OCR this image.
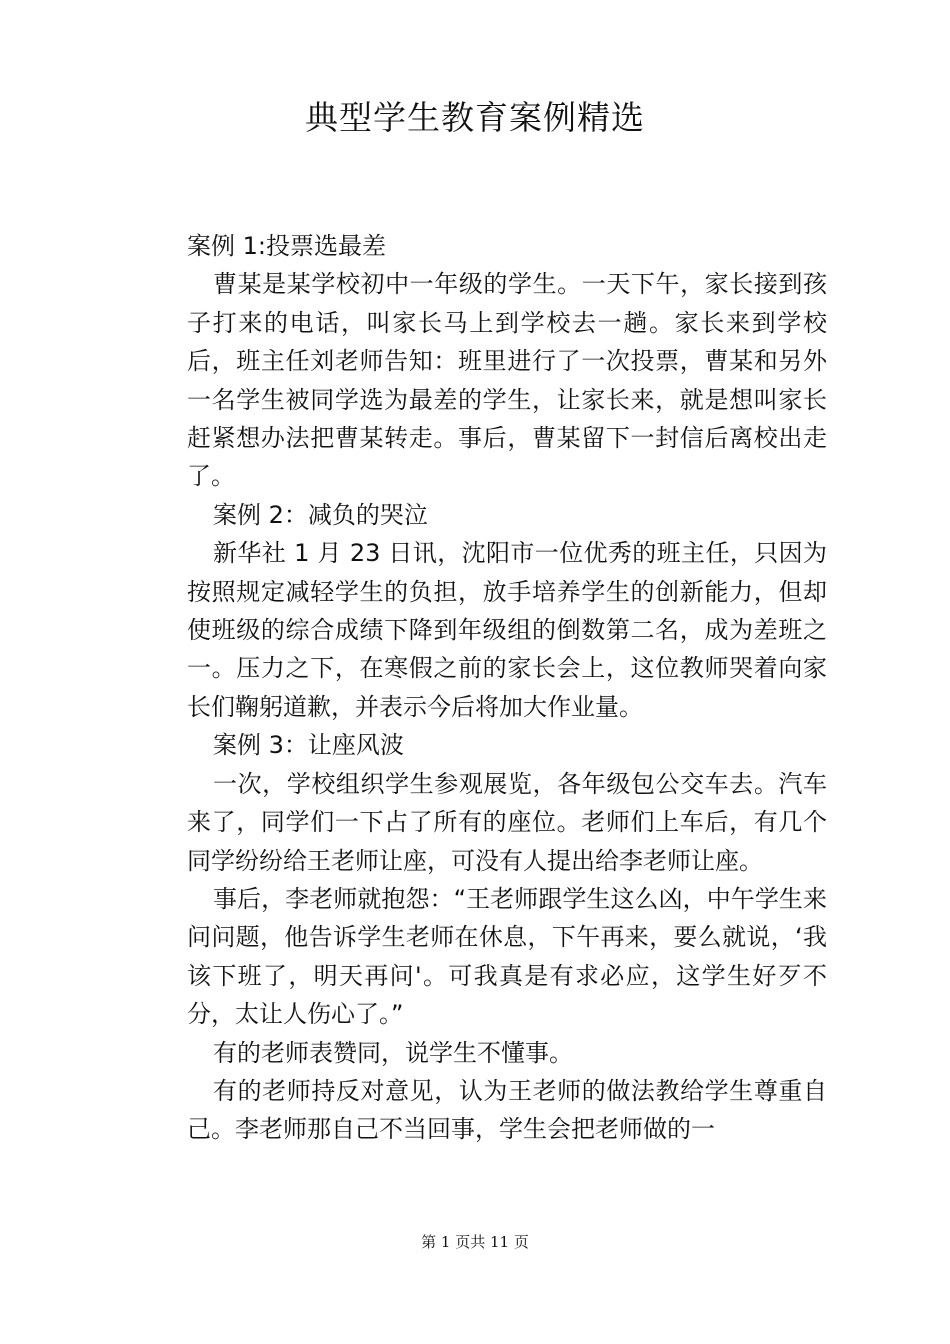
典型学生教育案例精选

案例 1:投票选最差

曹某是某学校初中一年级的学生。一天下午，家长接到孩子打来的电话，叫家长马上到学校去一趟。家长来到学校后，班主任刘老师告知：班里进行了一次投票，曹某和另外一名学生被同学选为最差的学生，让家长来，就是想叫家长赶紧想办法把曹某转走。事后，曹某留下一封信后离校出走了。

案例 2：减负的哭泣

新华社 1 月 23 日讯，沈阳市一位优秀的班主任，只因为按照规定减轻学生的负担，放手培养学生的创新能力，但却使班级的综合成绩下降到年级组的倒数第二名，成为差班之一。压力之下，在寒假之前的家长会上，这位教师哭着向家长们鞠躬道歉，并表示今后将加大作业量。

案例 3：让座风波

一次，学校组织学生参观展览，各年级包公交车去。汽车来了，同学们一下占了所有的座位。老师们上车后，有几个同学纷纷给王老师让座，可没有人提出给李老师让座。

事后，李老师就抱怨：“王老师跟学生这么凶，中午学生来问问题，他告诉学生老师在休息，下午再来，要么就说，‘我该下班了，明天再问'。可我真是有求必应，这学生好歹不分，太让人伤心了。”

有的老师表赞同，说学生不懂事。

有的老师持反对意见，认为王老师的做法教给学生尊重自己。李老师那自己不当回事，学生会把老师做的一

第 1 页共 11 页
